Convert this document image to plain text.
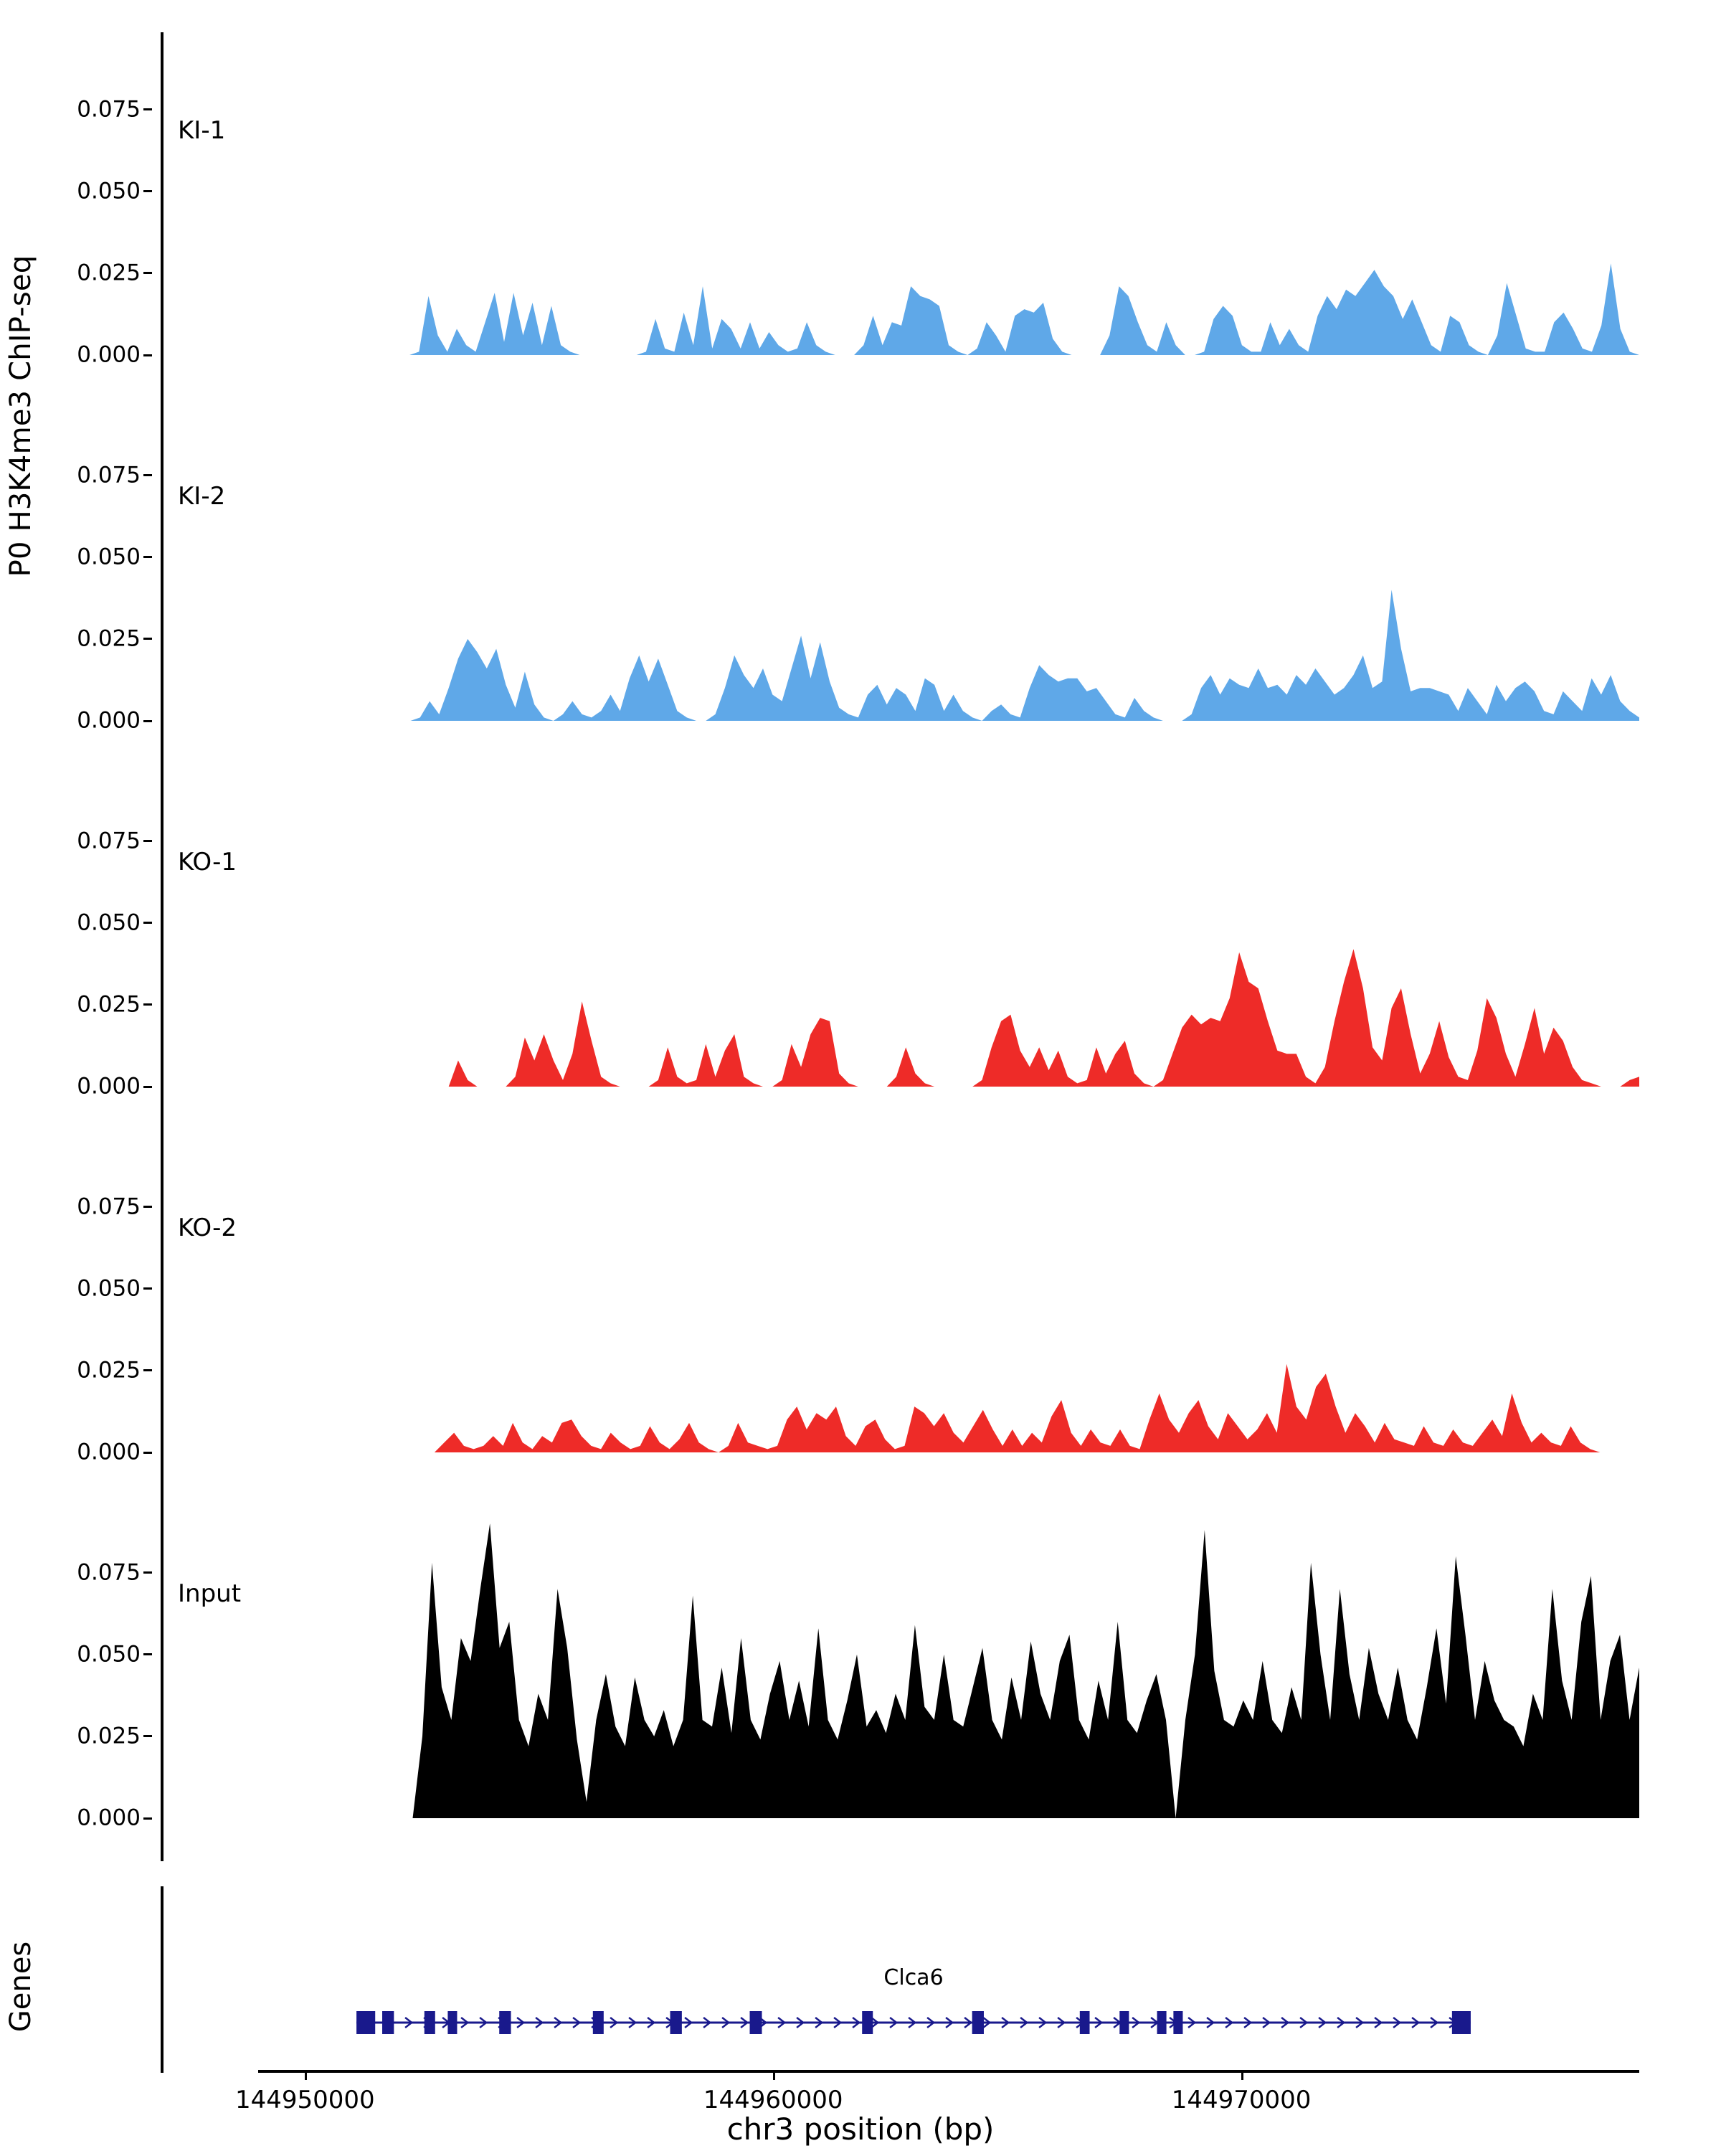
P0 H3K4me3 ChIP-seq
Genes
0.000
0.025
0.050
0.075
KI-1
0.000
0.025
0.050
0.075
KI-2
0.000
0.025
0.050
0.075
KO-1
0.000
0.025
0.050
0.075
KO-2
0.000
0.025
0.050
0.075
Input
Clca6
144950000	144960000	144970000
chr3 position (bp)
